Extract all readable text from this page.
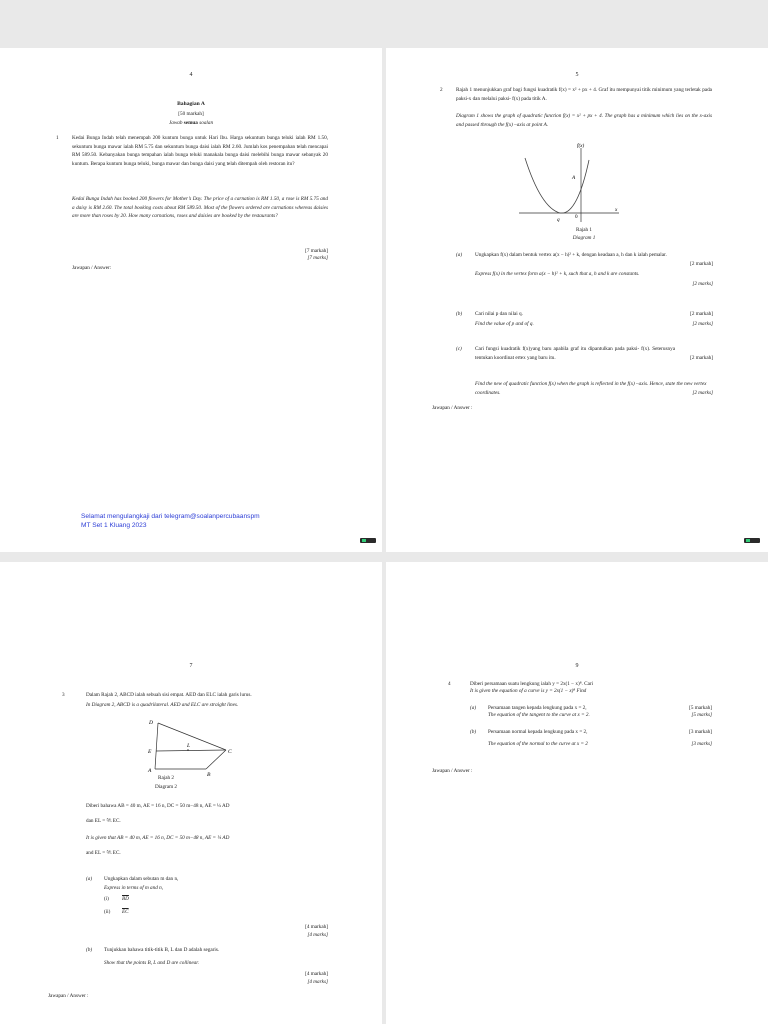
4
Bahagian A
[50 markah]
Jawab semua soalan
1	Kedai Bunga Indah telah menempah 200 kuntum bunga untuk Hari Ibu. Harga sekuntum bunga teluki ialah RM 1.50, sekuntum bunga mawar ialah RM 5.75 dan sekuntum bunga daisi ialah RM 2.60. Jumlah kos penempahan telah mencapai RM 589.50. Kebanyakan bunga tempahan ialah bunga teluki manakala bunga daisi melebihi bunga mawar sebanyak 20 kuntum. Berapa kuntum bunga teluki, bunga mawar dan bunga daisi yang telah ditempah oleh restoran itu?
Kedai Bunga Indah has booked 200 flowers for Mother’s Day. The price of a carnation is RM 1.50, a rose is RM 5.75 and a daisy is RM 2.60. The total booking costs about RM 589.50. Most of the flowers ordered are carnations whereas daisies are more than roses by 20. How many carnations, roses and daisies are booked by the restaurants?
[7 markah]
[7 marks]
Jawapan / Answer:
Selamat mengulangkaji dari telegram@soalanpercubaanspm
MT Set 1 Kluang 2023
5
2	Rajah 1 menunjukkan graf bagi fungsi kuadratik f(x) = x² + px + 4. Graf itu mempunyai titik minimum yang terletak pada paksi-x dan melalui paksi- f(x) pada titik A.
Diagram 1 shows the graph of quadratic function f(x) = x² + px + 4. The graph has a minimum which lies on the x-axis and passed through the f(x) –axis at point A.
f(x)
x
A
q	0
Rajah 1
Diagram 1
(a) Ungkapkan f(x) dalam bentuk vertex a(x − h)² + k, dengan keadaan a, h dan k ialah pemalar.
[2 markah]
Express f(x) in the vertex form a(x − h)² + k, such that a, h and k are constants.
[2 marks]
(b) Cari nilai p dan nilai q.	[2 markah]
Find the value of p and of q.	[2 marks]
(c)	Cari fungsi kuadratik f(x)yang baru apabila graf itu dipantulkan pada paksi- f(x). Seterusnya tentukan koordinat ertex yang baru itu.	[2 markah]
Find the new of quadratic function f(x) when the graph is reflected in the f(x) –axis. Hence, state the new vertex coordinates.	[2 marks]
Jawapan / Answer :
7
3	Dalam Rajah 2, ABCD ialah sebuah sisi empat. AED dan ELC ialah garis lurus.
In Diagram 2, ABCD is a quadrilateral. AED and ELC are straight lines.
D
E
L
C
A
B
Rajah 2
Diagram 2
Diberi bahawa AB = 40 m, AE = 16 n, DC = 50 m−48 n, AE = ¼ AD
dan EL = ⅗ EC.
It is given that AB = 40 m, AE = 16 n, DC = 50 m−48 n, AE = ¼ AD
and EL = ⅗ EC.
(a) Ungkapkan dalam sebutan m dan n,
Express in terms of m and n,
(i)	$\overline{BD}$
(ii) $\overline{EC}$
[4 markah]
[4 marks]
(b) Tunjukkan bahawa titik-titik B, L dan D adalah segaris.
Show that the points B, L and D are collinear.
[4 markah]
[4 marks]
Jawapan / Answer :
9
4	Diberi persamaan suatu lengkung ialah y = 2x(1 − x)⁸. Cari
It is given the equation of a curve is y = 2x(1 − x)⁸ Find
(a) Persamaan tangen kepada lengkung pada x = 2,	[5 markah]
The equation of the tangent to the curve at x = 2.	[5 marks]
(b) Persamaan normal kepada lengkung pada x = 2,	[3 markah]
The equation of the normal to the curve at x = 2	[3 marks]
Jawapan / Answer :
